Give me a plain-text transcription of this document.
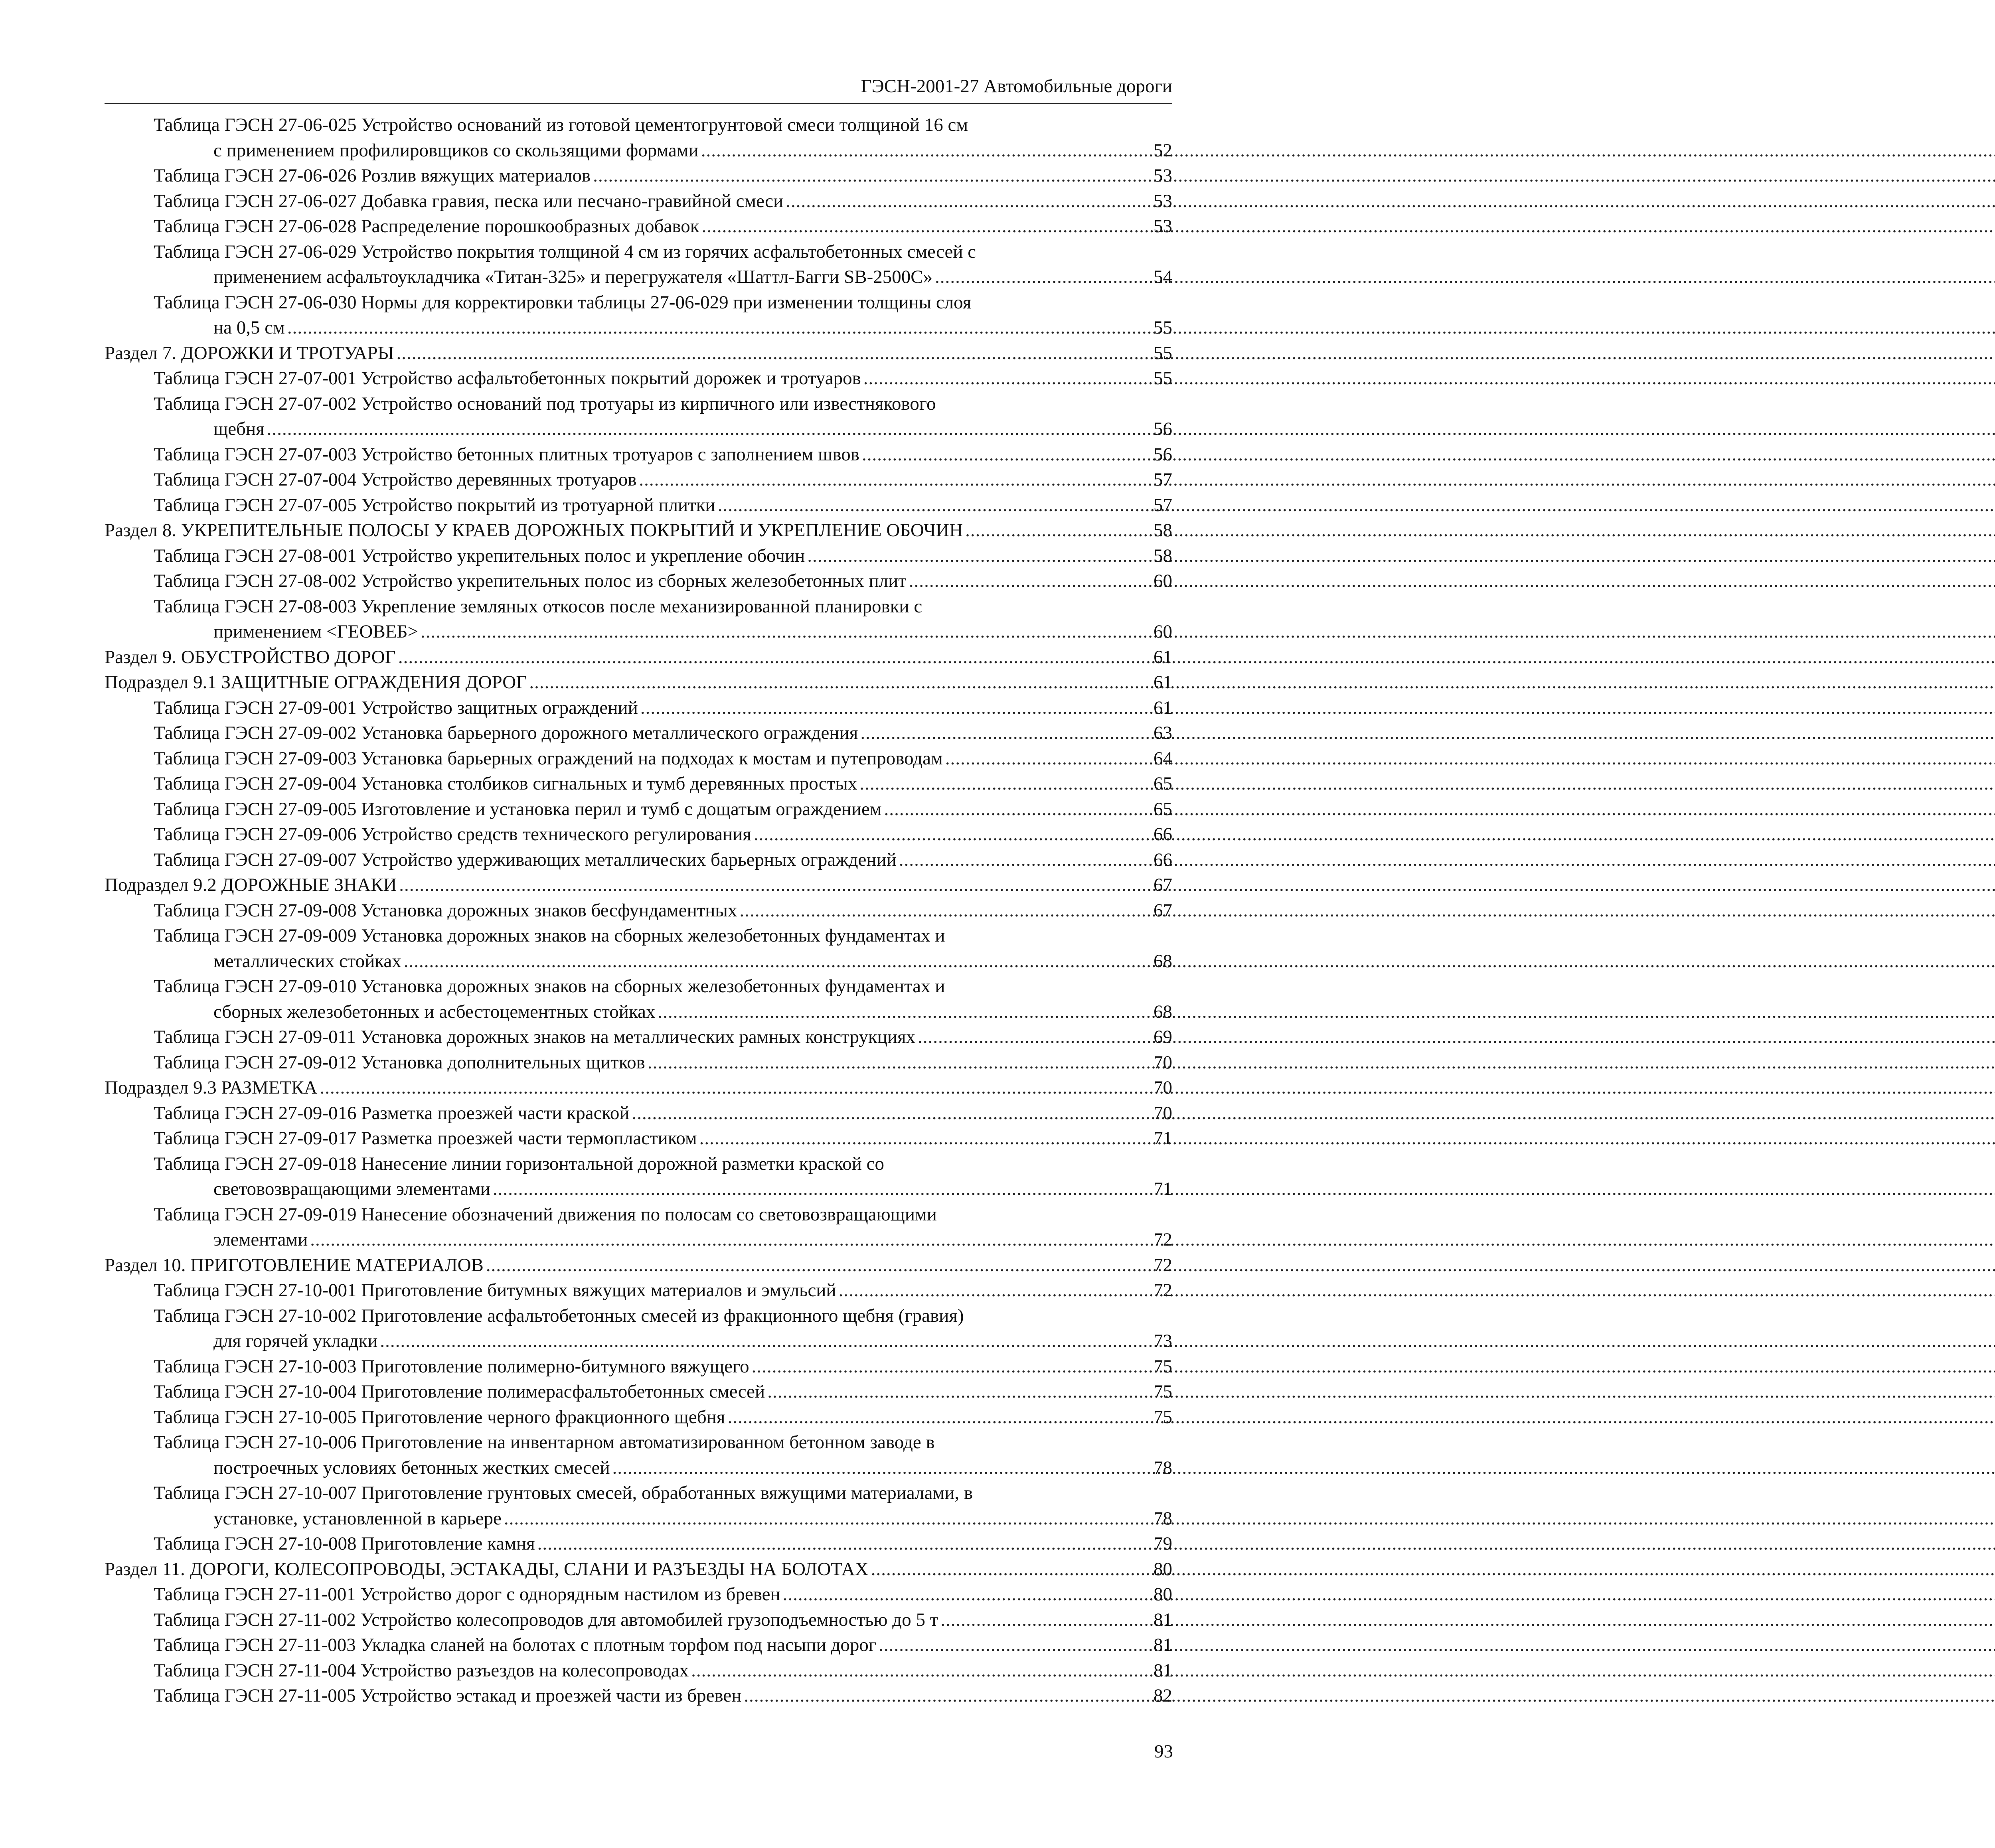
ГЭСН-2001-27 Автомобильные дороги
Таблица ГЭСН 27-06-025 Устройство оснований из готовой цементогрунтовой смеси толщиной 16 см
с применением профилировщиков со скользящими формами .....	52
Таблица ГЭСН 27-06-026 Розлив вяжущих материалов .....	53
Таблица ГЭСН 27-06-027 Добавка гравия, песка или песчано-гравийной смеси .....	53
Таблица ГЭСН 27-06-028 Распределение порошкообразных добавок .....	53
Таблица ГЭСН 27-06-029 Устройство покрытия толщиной 4 см из горячих асфальтобетонных смесей с
применением асфальтоукладчика «Титан-325» и перегружателя «Шаттл-Багги SB-2500C» .....	54
Таблица ГЭСН 27-06-030 Нормы для корректировки таблицы 27-06-029 при изменении толщины слоя
на 0,5 см .....	55
Раздел 7. ДОРОЖКИ И ТРОТУАРЫ .....	55
Таблица ГЭСН 27-07-001 Устройство асфальтобетонных покрытий дорожек и тротуаров .....	55
Таблица ГЭСН 27-07-002 Устройство оснований под тротуары из кирпичного или известнякового
щебня .....	56
Таблица ГЭСН 27-07-003 Устройство бетонных плитных тротуаров с заполнением швов .....	56
Таблица ГЭСН 27-07-004 Устройство деревянных тротуаров .....	57
Таблица ГЭСН 27-07-005 Устройство покрытий из тротуарной плитки .....	57
Раздел 8. УКРЕПИТЕЛЬНЫЕ ПОЛОСЫ У КРАЕВ ДОРОЖНЫХ ПОКРЫТИЙ И УКРЕПЛЕНИЕ ОБОЧИН .....	58
Таблица ГЭСН 27-08-001 Устройство укрепительных полос и укрепление обочин .....	58
Таблица ГЭСН 27-08-002 Устройство укрепительных полос из сборных железобетонных плит .....	60
Таблица ГЭСН 27-08-003 Укрепление земляных откосов после механизированной планировки с
применением <ГЕОВЕБ> .....	60
Раздел 9. ОБУСТРОЙСТВО ДОРОГ .....	61
Подраздел 9.1 ЗАЩИТНЫЕ ОГРАЖДЕНИЯ ДОРОГ .....	61
Таблица ГЭСН 27-09-001 Устройство защитных ограждений .....	61
Таблица ГЭСН 27-09-002 Установка барьерного дорожного металлического ограждения .....	63
Таблица ГЭСН 27-09-003 Установка барьерных ограждений на подходах к мостам и путепроводам .....	64
Таблица ГЭСН 27-09-004 Установка столбиков сигнальных и тумб деревянных простых .....	65
Таблица ГЭСН 27-09-005 Изготовление и установка перил и тумб с дощатым ограждением .....	65
Таблица ГЭСН 27-09-006 Устройство средств технического регулирования .....	66
Таблица ГЭСН 27-09-007 Устройство удерживающих металлических барьерных ограждений .....	66
Подраздел 9.2 ДОРОЖНЫЕ ЗНАКИ .....	67
Таблица ГЭСН 27-09-008 Установка дорожных знаков бесфундаментных .....	67
Таблица ГЭСН 27-09-009 Установка дорожных знаков на сборных железобетонных фундаментах и
металлических стойках .....	68
Таблица ГЭСН 27-09-010 Установка дорожных знаков на сборных железобетонных фундаментах и
сборных железобетонных и асбестоцементных стойках .....	68
Таблица ГЭСН 27-09-011 Установка дорожных знаков на металлических рамных конструкциях .....	69
Таблица ГЭСН 27-09-012 Установка дополнительных щитков .....	70
Подраздел 9.3 РАЗМЕТКА .....	70
Таблица ГЭСН 27-09-016 Разметка проезжей части краской .....	70
Таблица ГЭСН 27-09-017 Разметка проезжей части термопластиком .....	71
Таблица ГЭСН 27-09-018 Нанесение линии горизонтальной дорожной разметки краской со
световозвращающими элементами .....	71
Таблица ГЭСН 27-09-019 Нанесение обозначений движения по полосам со световозвращающими
элементами .....	72
Раздел 10. ПРИГОТОВЛЕНИЕ МАТЕРИАЛОВ .....	72
Таблица ГЭСН 27-10-001 Приготовление битумных вяжущих материалов и эмульсий .....	72
Таблица ГЭСН 27-10-002 Приготовление асфальтобетонных смесей из фракционного щебня (гравия)
для горячей укладки .....	73
Таблица ГЭСН 27-10-003 Приготовление полимерно-битумного вяжущего .....	75
Таблица ГЭСН 27-10-004 Приготовление полимерасфальтобетонных смесей .....	75
Таблица ГЭСН 27-10-005 Приготовление черного фракционного щебня .....	75
Таблица ГЭСН 27-10-006 Приготовление на инвентарном автоматизированном бетонном заводе в
построечных условиях бетонных жестких смесей .....	78
Таблица ГЭСН 27-10-007 Приготовление грунтовых смесей, обработанных вяжущими материалами, в
установке, установленной в карьере .....	78
Таблица ГЭСН 27-10-008 Приготовление камня .....	79
Раздел 11. ДОРОГИ, КОЛЕСОПРОВОДЫ, ЭСТАКАДЫ, СЛАНИ И РАЗЪЕЗДЫ НА БОЛОТАХ .....	80
Таблица ГЭСН 27-11-001 Устройство дорог с однорядным настилом из бревен .....	80
Таблица ГЭСН 27-11-002 Устройство колесопроводов для автомобилей грузоподъемностью до 5 т .....	81
Таблица ГЭСН 27-11-003 Укладка сланей на болотах с плотным торфом под насыпи дорог .....	81
Таблица ГЭСН 27-11-004 Устройство разъездов на колесопроводах .....	81
Таблица ГЭСН 27-11-005 Устройство эстакад и проезжей части из бревен .....	82
93
